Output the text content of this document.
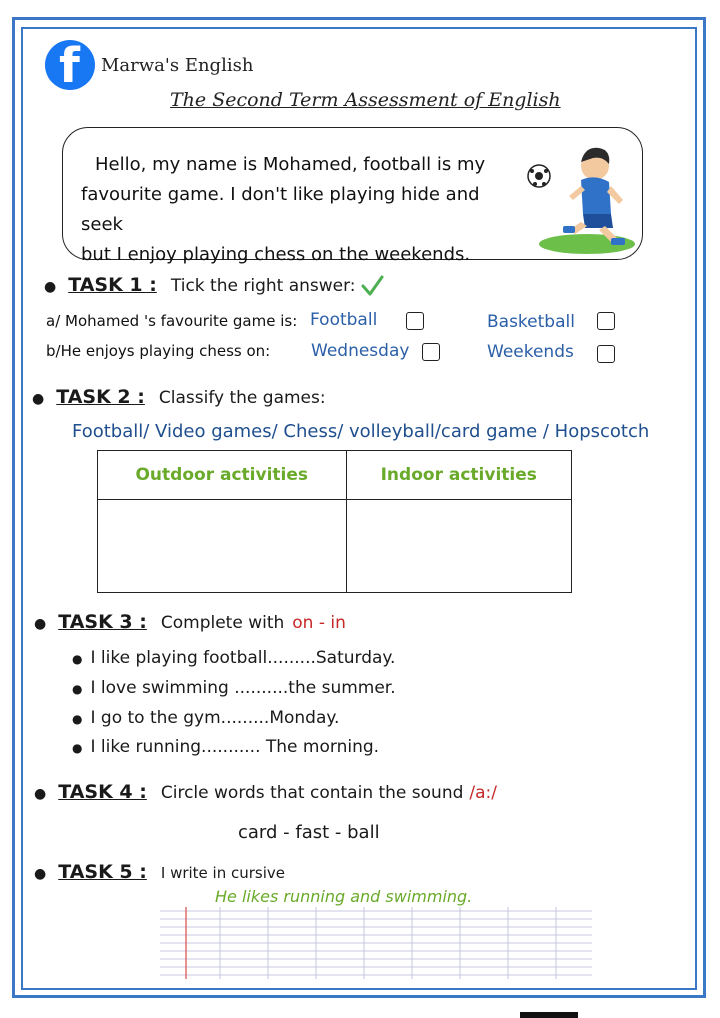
f Marwa's English
The Second Term Assessment of English
Hello, my name is Mohamed, football is my
favourite game. I don't like playing hide and seek
but I enjoy playing chess on the weekends.
● TASK 1 : Tick the right answer:
a/ Mohamed 's favourite game is: Football	Basketball
b/He enjoys playing chess on: Wednesday	Weekends
● TASK 2 : Classify the games:
Football/ Video games/ Chess/ volleyball/card game / Hopscotch
Outdoor activities	Indoor activities

● TASK 3 : Complete with on - in
● I like playing football.........Saturday.
● I love swimming ..........the summer.
● I go to the gym.........Monday.
● I like running........... The morning.
● TASK 4 : Circle words that contain the sound /a:/
card - fast - ball
● TASK 5 : I write in cursive
He likes running and swimming.
